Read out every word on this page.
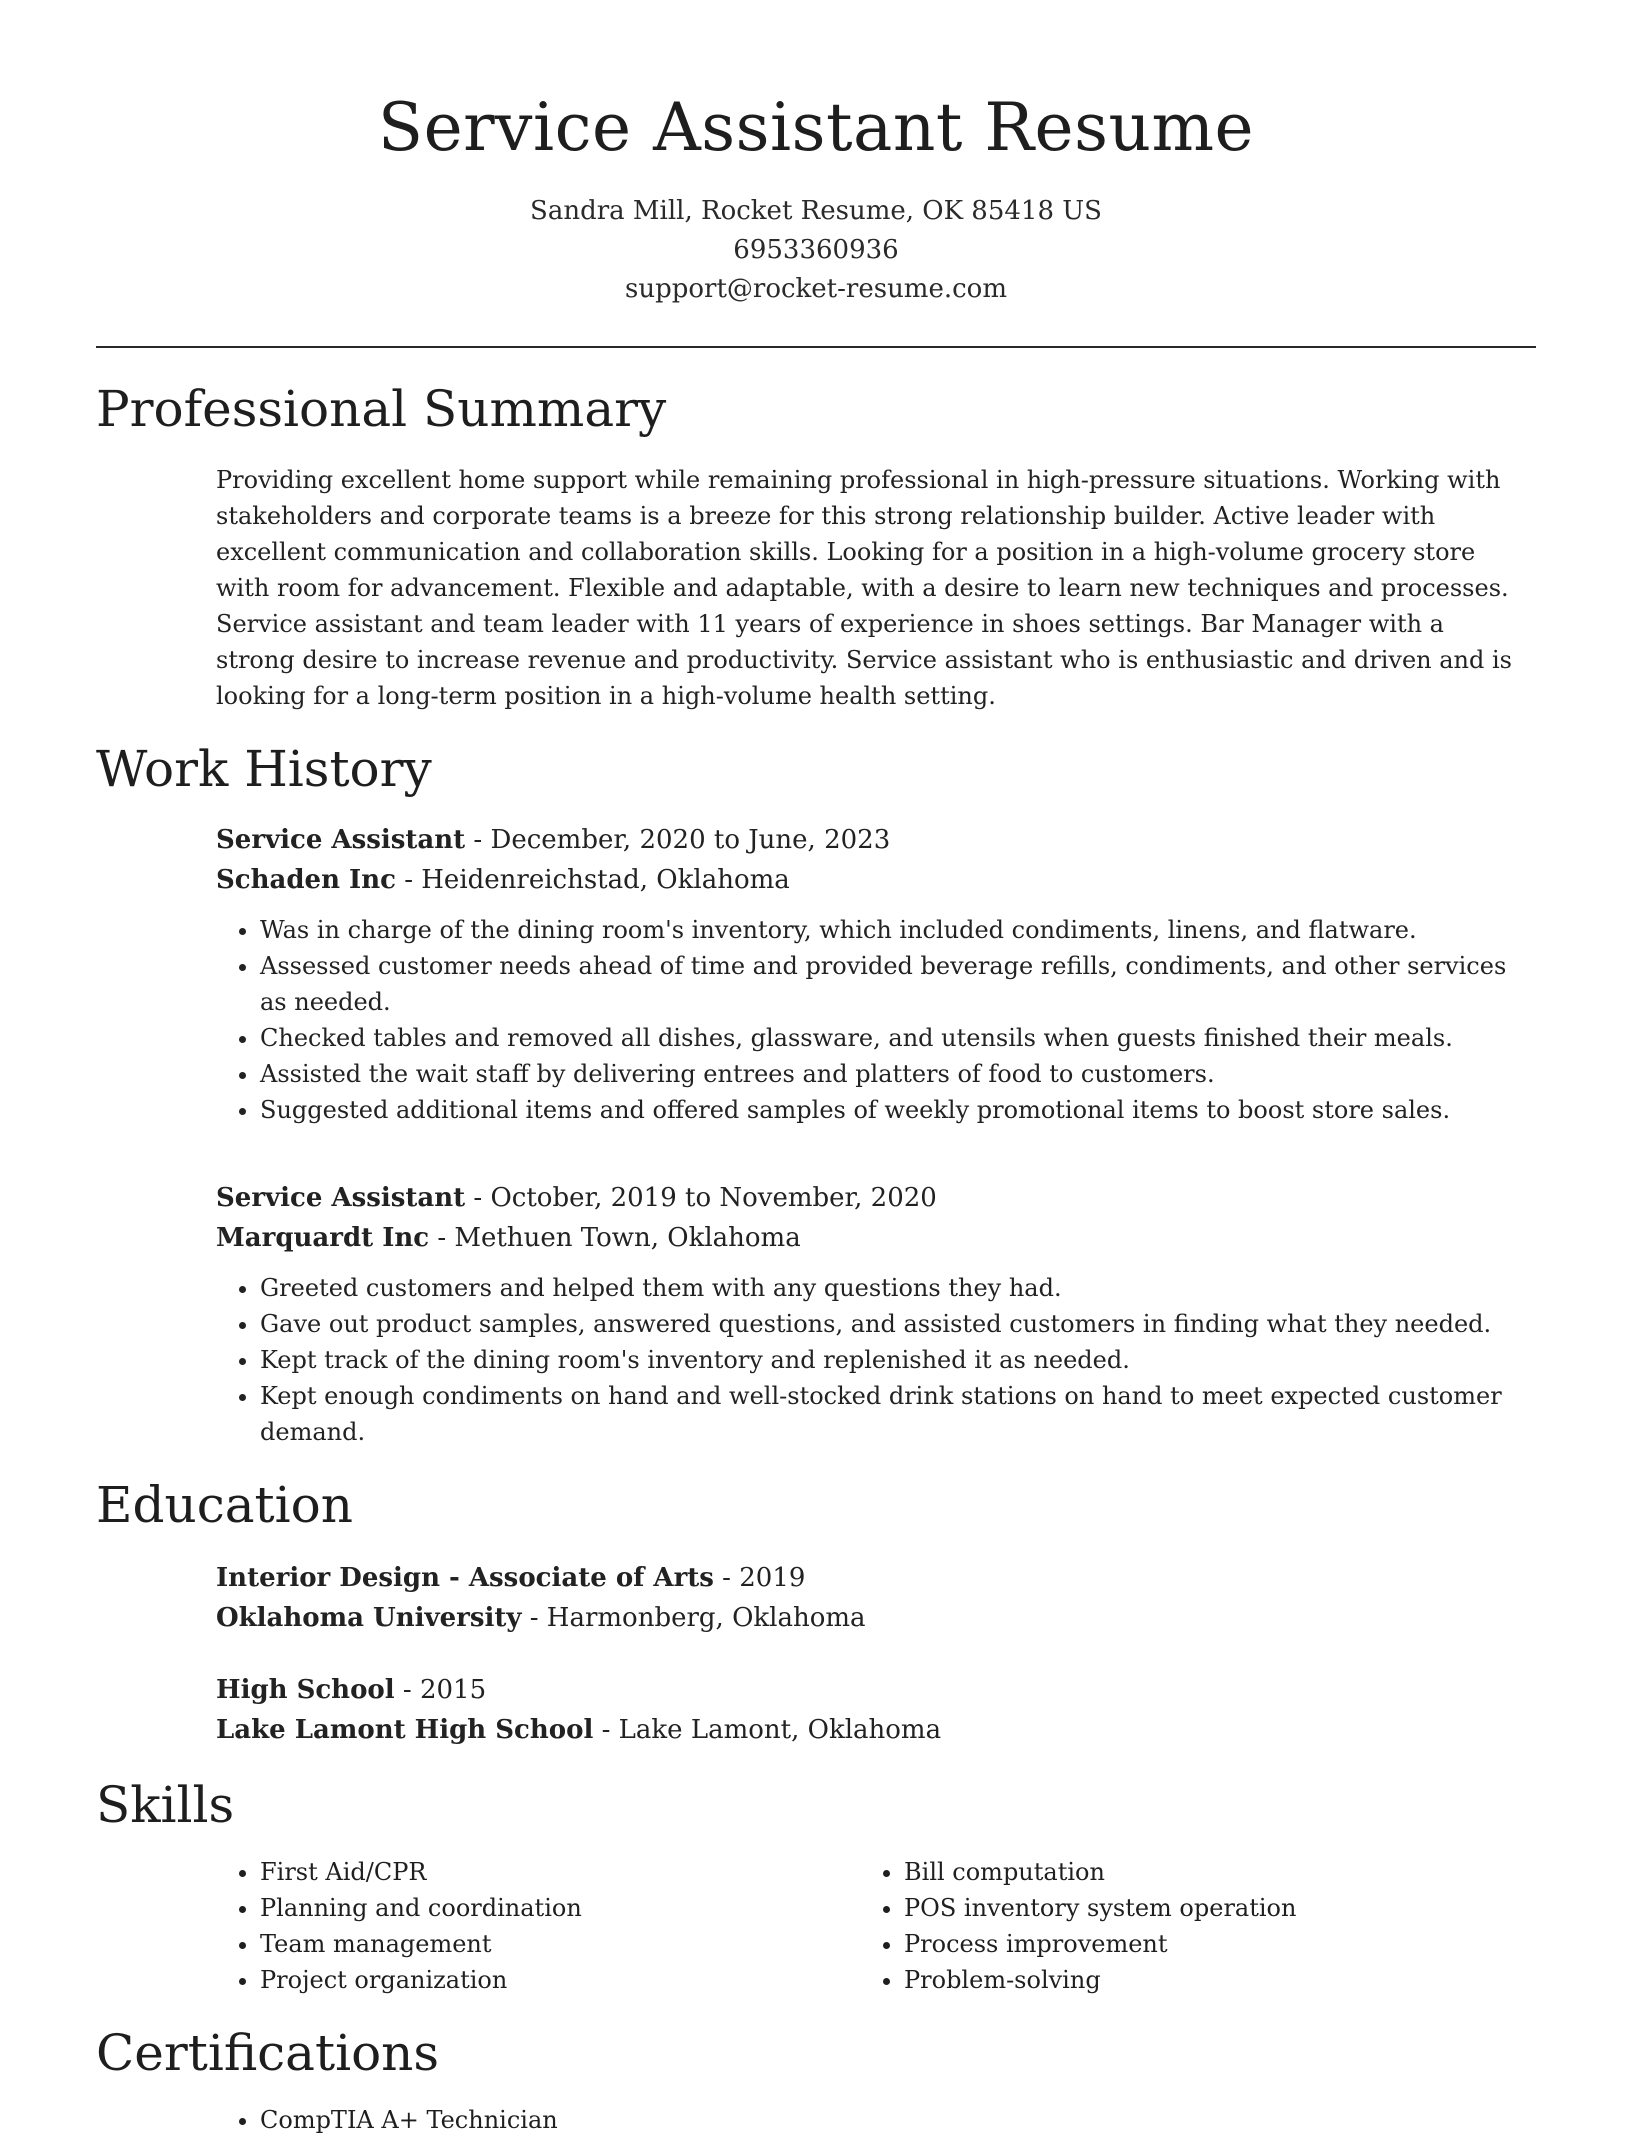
Service Assistant Resume
Sandra Mill, Rocket Resume, OK 85418 US
6953360936
support@rocket-resume.com
Professional Summary
Providing excellent home support while remaining professional in high-pressure situations. Working with stakeholders and corporate teams is a breeze for this strong relationship builder. Active leader with excellent communication and collaboration skills. Looking for a position in a high-volume grocery store with room for advancement. Flexible and adaptable, with a desire to learn new techniques and processes. Service assistant and team leader with 11 years of experience in shoes settings. Bar Manager with a strong desire to increase revenue and productivity. Service assistant who is enthusiastic and driven and is looking for a long-term position in a high-volume health setting.
Work History
Service Assistant - December, 2020 to June, 2023
Schaden Inc - Heidenreichstad, Oklahoma
• Was in charge of the dining room's inventory, which included condiments, linens, and flatware.
• Assessed customer needs ahead of time and provided beverage refills, condiments, and other services as needed.
• Checked tables and removed all dishes, glassware, and utensils when guests finished their meals.
• Assisted the wait staff by delivering entrees and platters of food to customers.
• Suggested additional items and offered samples of weekly promotional items to boost store sales.
Service Assistant - October, 2019 to November, 2020
Marquardt Inc - Methuen Town, Oklahoma
• Greeted customers and helped them with any questions they had.
• Gave out product samples, answered questions, and assisted customers in finding what they needed.
• Kept track of the dining room's inventory and replenished it as needed.
• Kept enough condiments on hand and well-stocked drink stations on hand to meet expected customer demand.
Education
Interior Design - Associate of Arts - 2019
Oklahoma University - Harmonberg, Oklahoma
High School - 2015
Lake Lamont High School - Lake Lamont, Oklahoma
Skills
• First Aid/CPR
• Planning and coordination
• Team management
• Project organization
• Bill computation
• POS inventory system operation
• Process improvement
• Problem-solving
Certifications
• CompTIA A+ Technician
